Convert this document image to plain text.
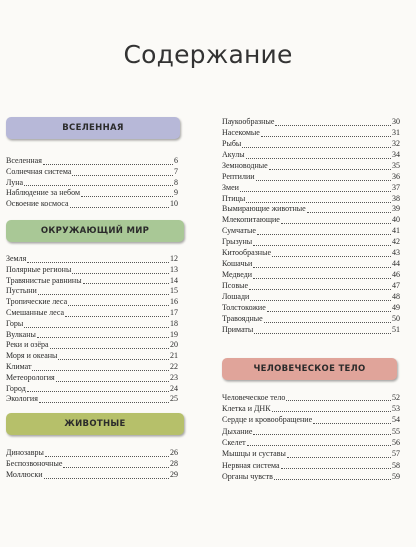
Содержание
ВСЕЛЕННАЯ
Вселенная	6
Солнечная система	7
Луна	8
Наблюдение за небом	9
Освоение космоса	10
ОКРУЖАЮЩИЙ МИР
Земля	12
Полярные регионы	13
Травянистые равнины	14
Пустыни	15
Тропические леса	16
Смешанные леса	17
Горы	18
Вулканы	19
Реки и озёра	20
Моря и океаны	21
Климат	22
Метеорология	23
Город	24
Экология	25
ЖИВОТНЫЕ
Динозавры	26
Беспозвоночные	28
Моллюски	29
Паукообразные	30
Насекомые	31
Рыбы	32
Акулы	34
Земноводные	35
Рептилии	36
Змеи	37
Птицы	38
Вымирающие животные	39
Млекопитающие	40
Сумчатые	41
Грызуны	42
Китообразные	43
Кошачьи	44
Медведи	46
Псовые	47
Лошади	48
Толстокожие	49
Травоядные	50
Приматы	51
ЧЕЛОВЕЧЕСКОЕ ТЕЛО
Человеческое тело	52
Клетка и ДНК	53
Сердце и кровообращение	54
Дыхание	55
Скелет	56
Мышцы и суставы	57
Нервная система	58
Органы чувств	59
